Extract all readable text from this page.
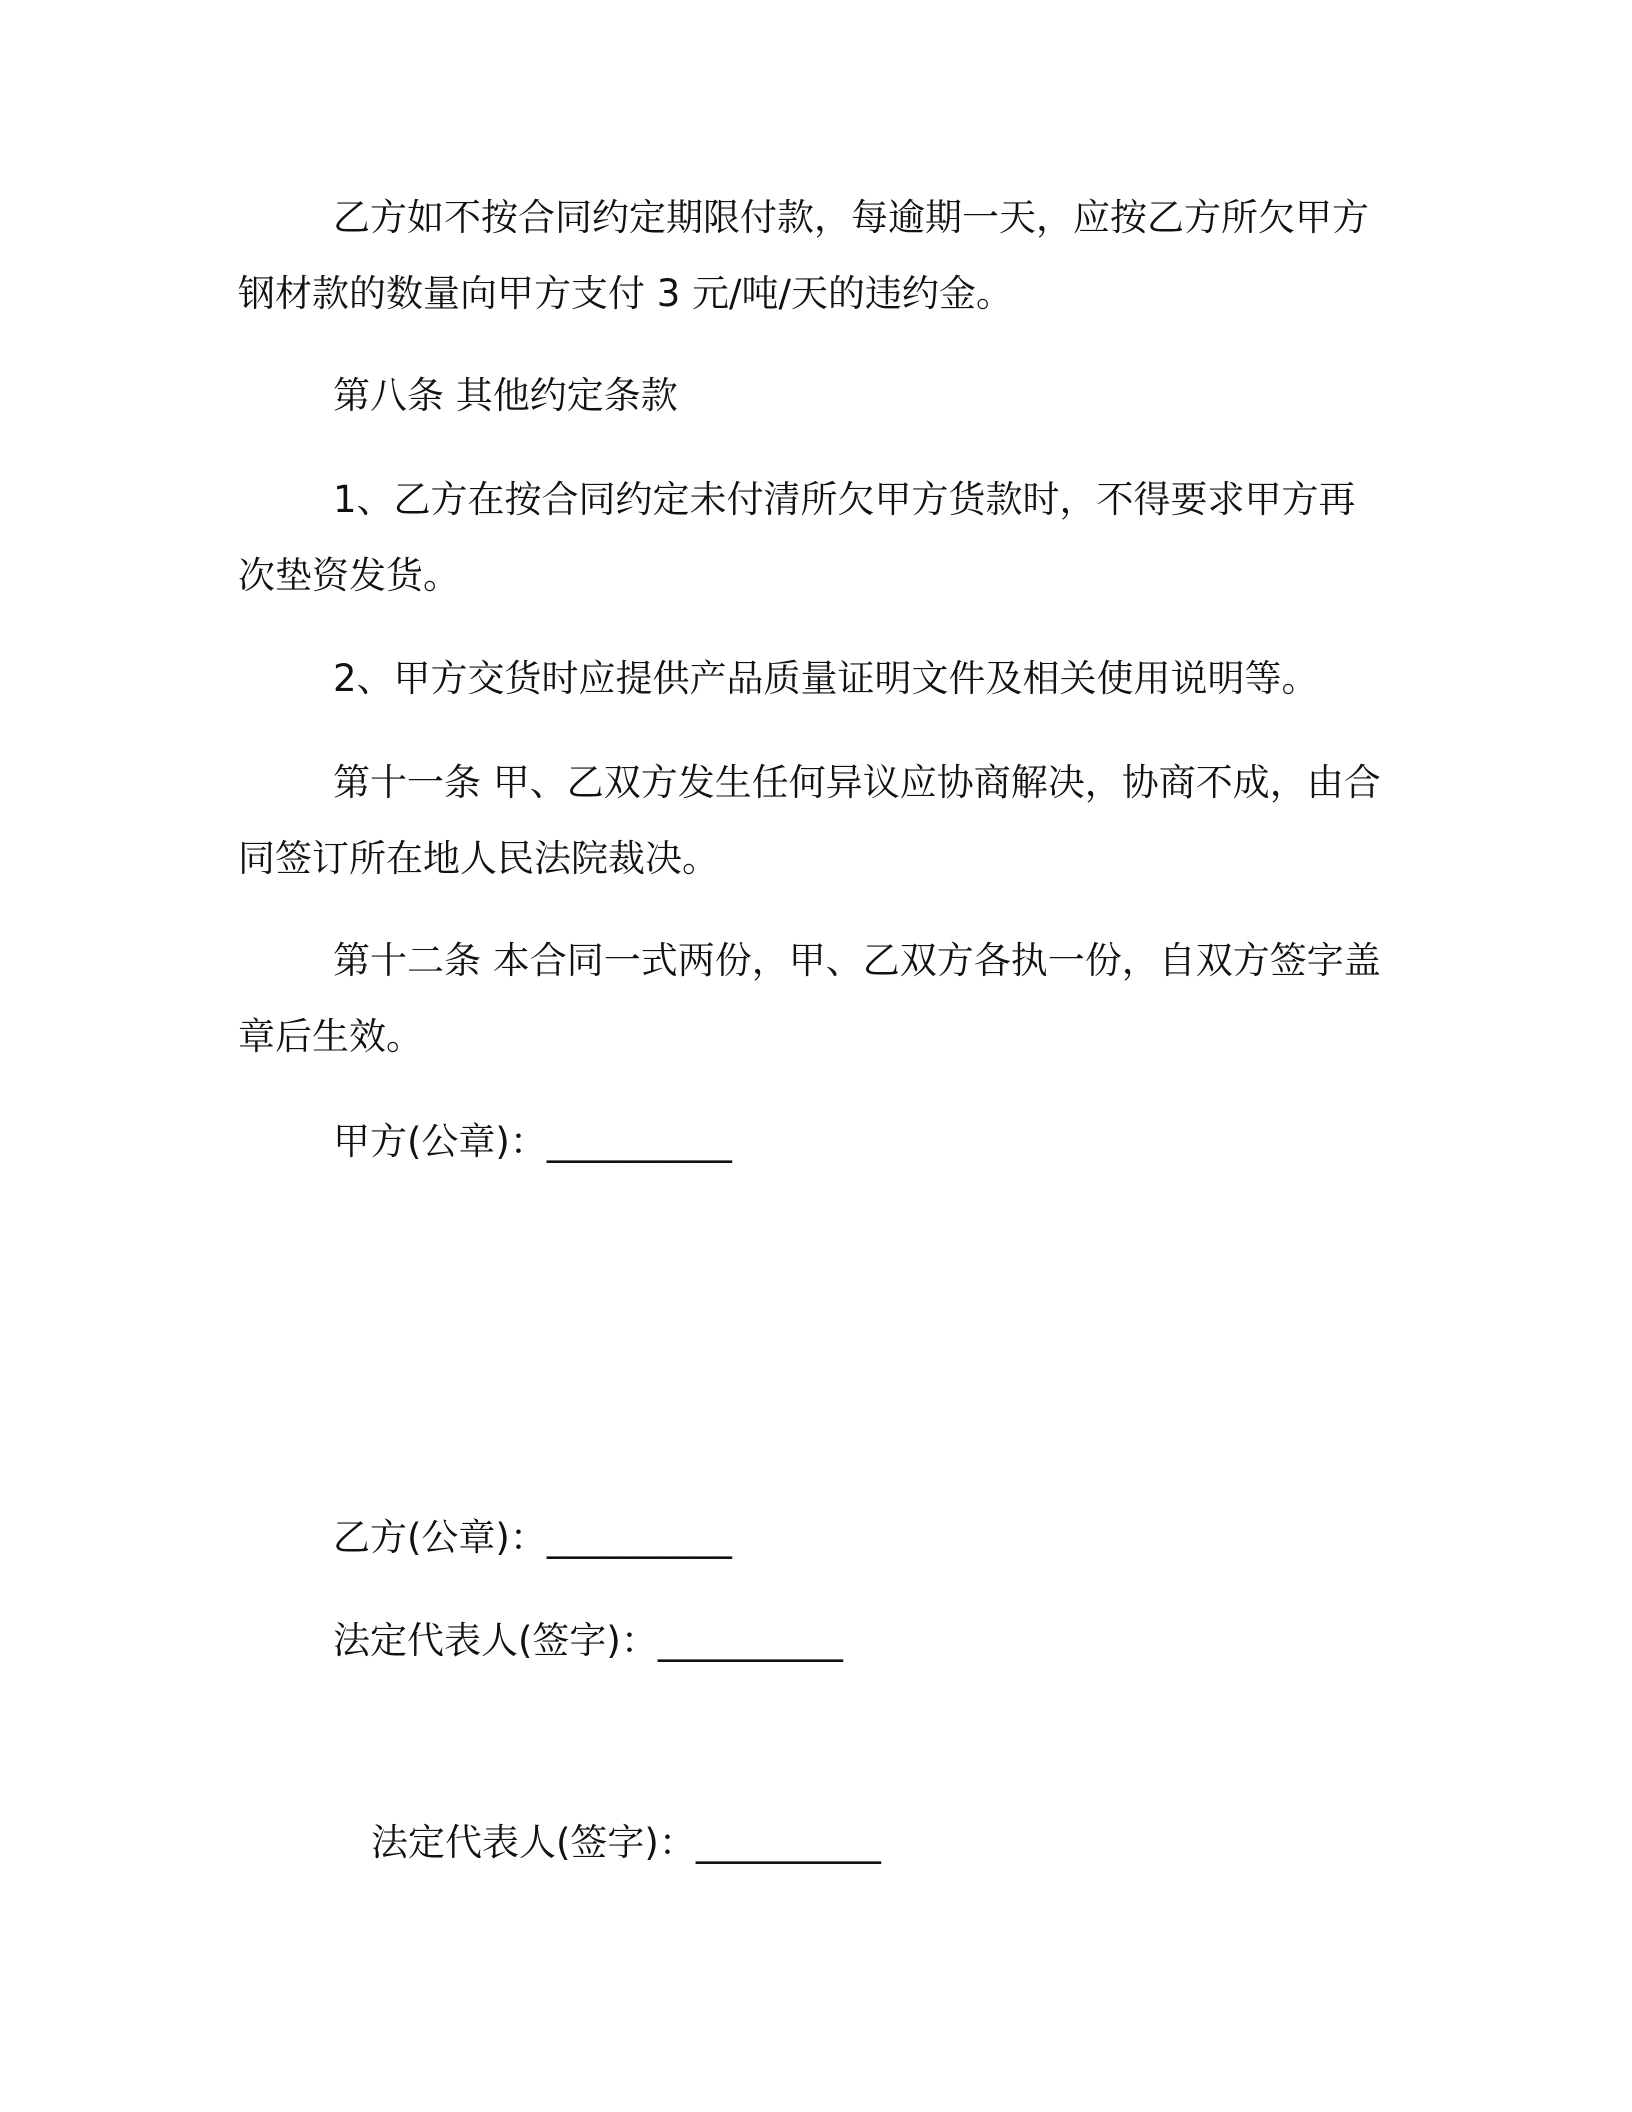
乙方如不按合同约定期限付款，每逾期一天，应按乙方所欠甲方
钢材款的数量向甲方支付 3 元/吨/天的违约金。
第八条 其他约定条款
1、乙方在按合同约定未付清所欠甲方货款时，不得要求甲方再
次垫资发货。
2、甲方交货时应提供产品质量证明文件及相关使用说明等。
第十一条 甲、乙双方发生任何异议应协商解决，协商不成，由合
同签订所在地人民法院裁决。
第十二条 本合同一式两份，甲、乙双方各执一份，自双方签字盖
章后生效。
甲方(公章)：__________
乙方(公章)：__________
法定代表人(签字)：__________
法定代表人(签字)：__________
